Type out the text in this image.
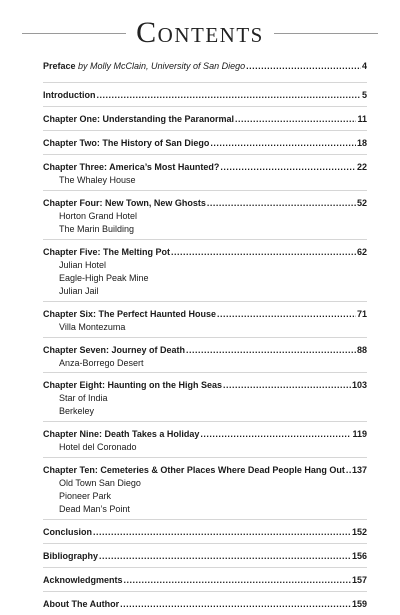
Contents
Preface by Molly McClain, University of San Diego .....	4
Introduction .....	5
Chapter One: Understanding the Paranormal .....	11
Chapter Two: The History of San Diego .....	18
Chapter Three: America’s Most Haunted? .....	22
The Whaley House
Chapter Four: New Town, New Ghosts .....	52
Horton Grand Hotel
The Marin Building
Chapter Five: The Melting Pot .....	62
Julian Hotel
Eagle-High Peak Mine
Julian Jail
Chapter Six: The Perfect Haunted House .....	71
Villa Montezuma
Chapter Seven: Journey of Death .....	88
Anza-Borrego Desert
Chapter Eight: Haunting on the High Seas .....	103
Star of India
Berkeley
Chapter Nine: Death Takes a Holiday .....	119
Hotel del Coronado
Chapter Ten: Cemeteries & Other Places Where Dead People Hang Out ..... 137
Old Town San Diego
Pioneer Park
Dead Man’s Point
Conclusion .....	152
Bibliography .....	156
Acknowledgments .....	157
About The Author .....	159
